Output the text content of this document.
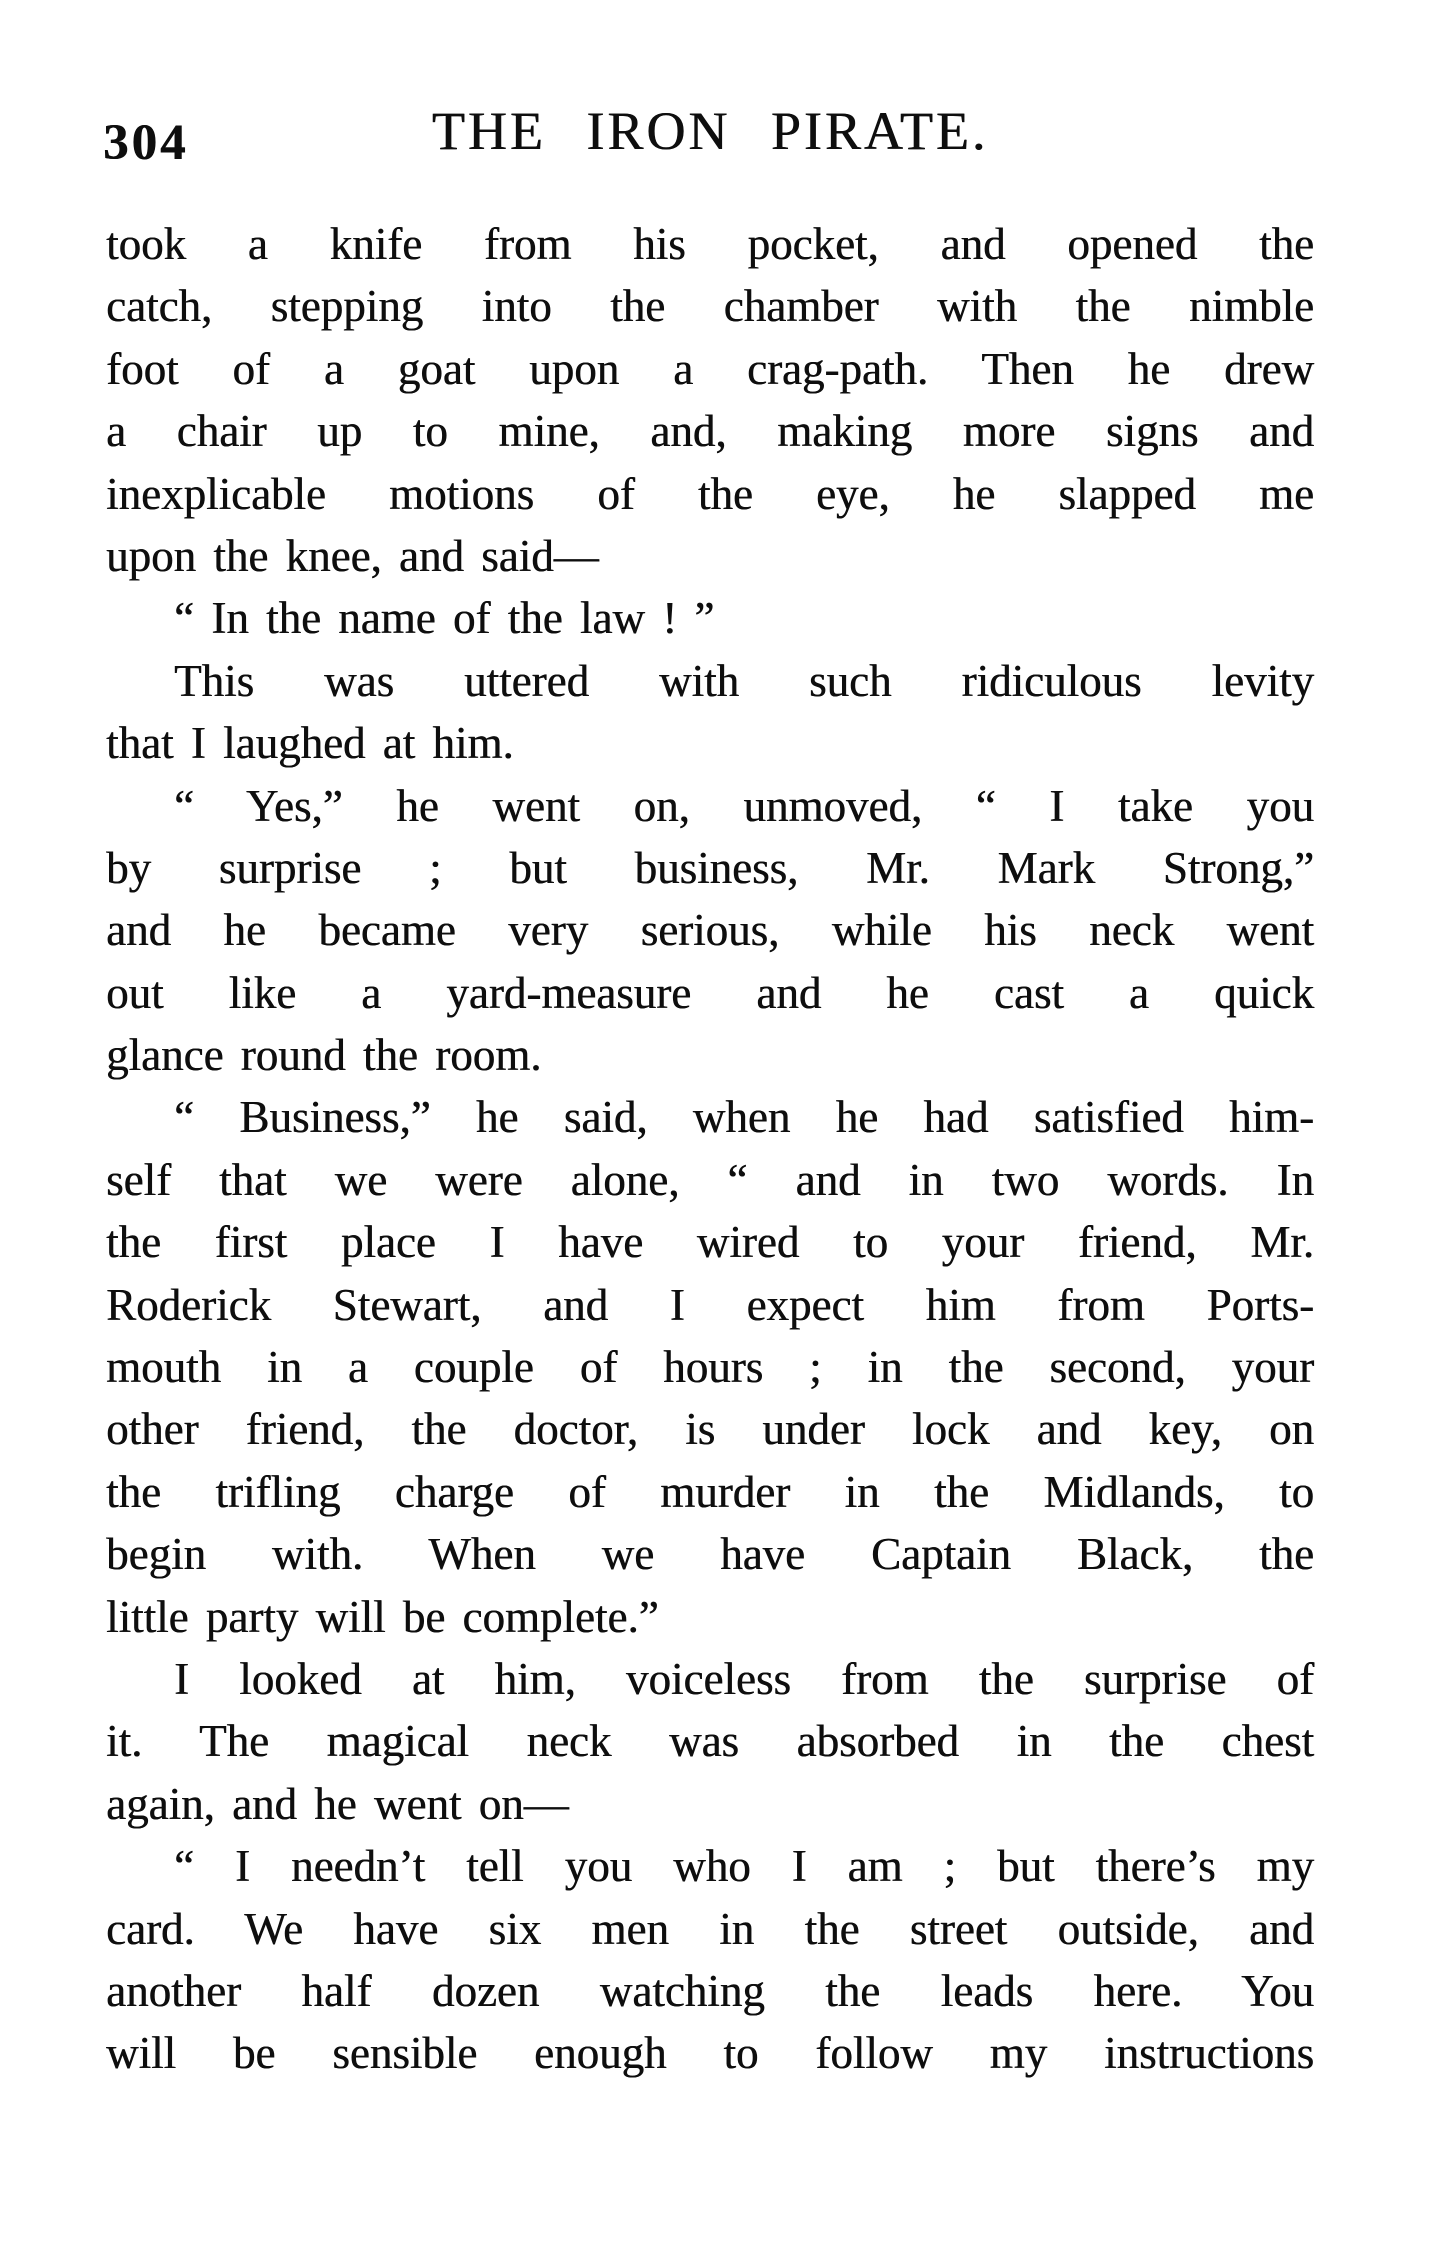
304	THE IRON PIRATE.
took a knife from his pocket, and opened the
catch, stepping into the chamber with the nimble
foot of a goat upon a crag-path. Then he drew
a chair up to mine, and, making more signs and
inexplicable motions of the eye, he slapped me
upon the knee, and said—
“ In the name of the law ! ”
This was uttered with such ridiculous levity
that I laughed at him.
“ Yes,” he went on, unmoved, “ I take you
by surprise ; but business, Mr. Mark Strong,”
and he became very serious, while his neck went
out like a yard-measure and he cast a quick
glance round the room.
“ Business,” he said, when he had satisfied him-
self that we were alone, “ and in two words. In
the first place I have wired to your friend, Mr.
Roderick Stewart, and I expect him from Ports-
mouth in a couple of hours ; in the second, your
other friend, the doctor, is under lock and key, on
the trifling charge of murder in the Midlands, to
begin with. When we have Captain Black, the
little party will be complete.”
I looked at him, voiceless from the surprise of
it. The magical neck was absorbed in the chest
again, and he went on—
“ I needn’t tell you who I am ; but there’s my
card. We have six men in the street outside, and
another half dozen watching the leads here. You
will be sensible enough to follow my instructions
